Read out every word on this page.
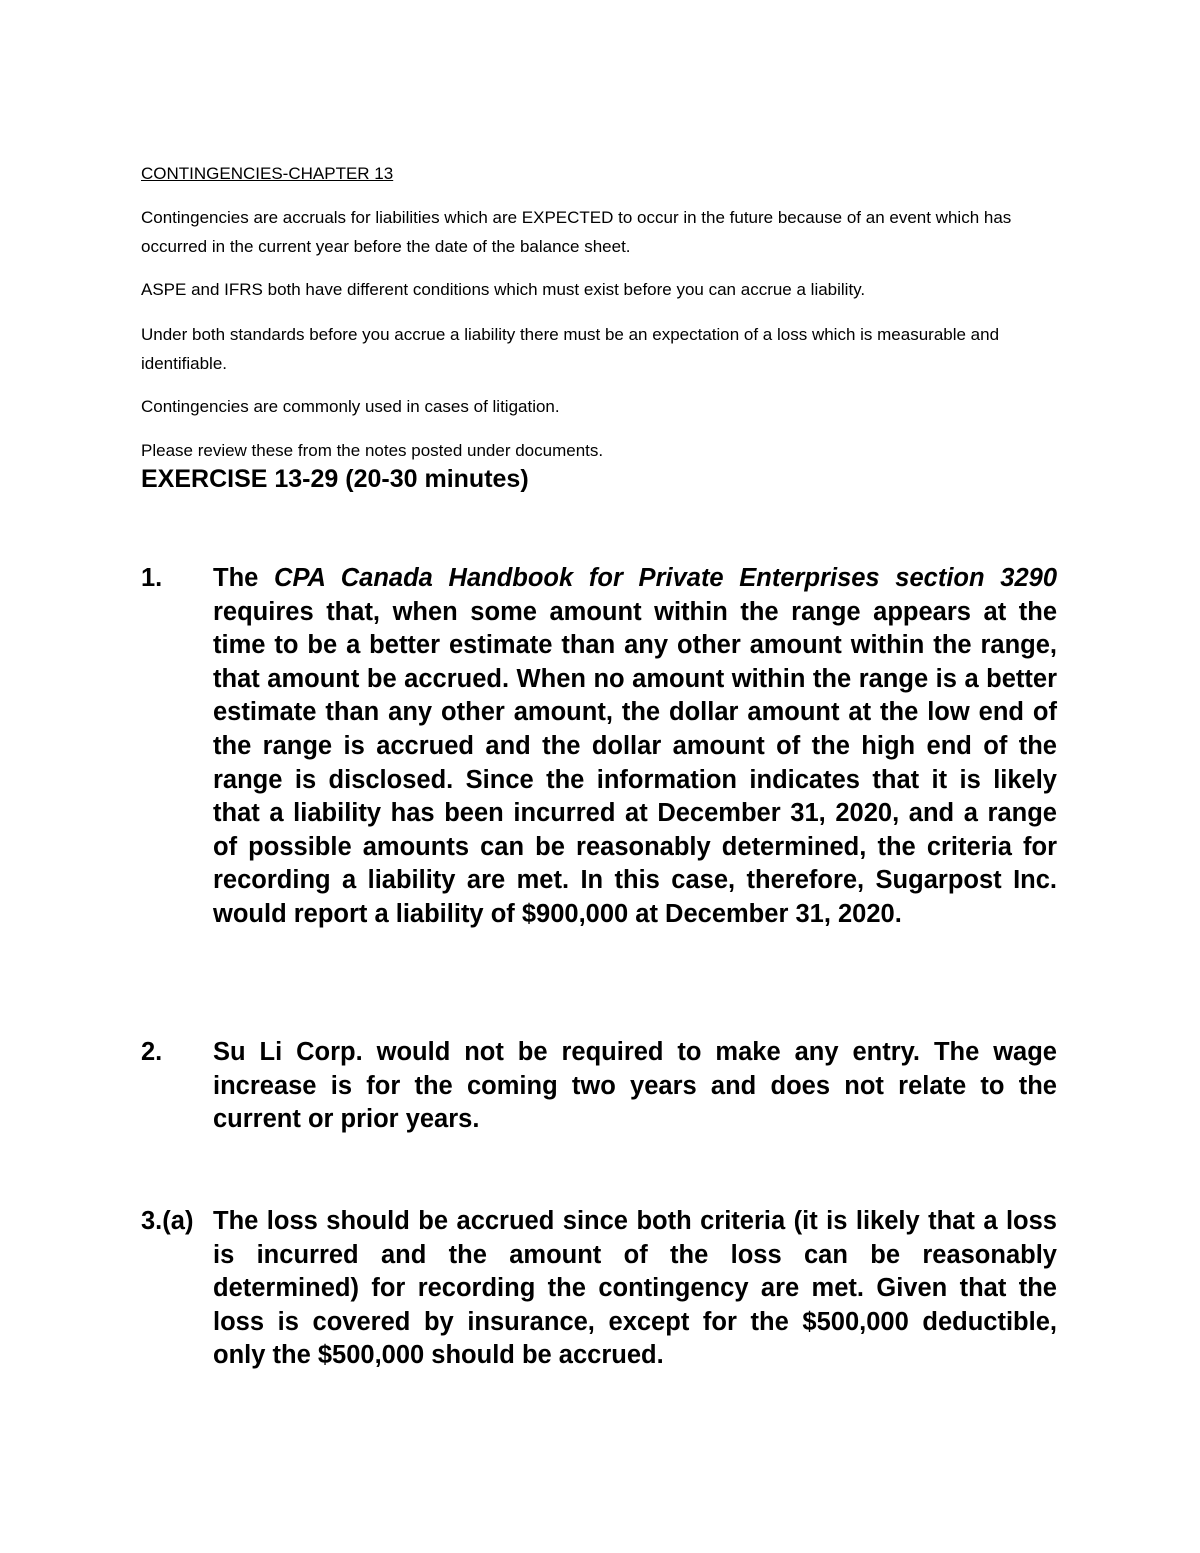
CONTINGENCIES-CHAPTER 13

Contingencies are accruals for liabilities which are EXPECTED to occur in the future because of an event which has occurred in the current year before the date of the balance sheet.

ASPE and IFRS both have different conditions which must exist before you can accrue a liability.

Under both standards before you accrue a liability there must be an expectation of a loss which is measurable and identifiable.

Contingencies are commonly used in cases of litigation.

Please review these from the notes posted under documents.

EXERCISE 13-29 (20-30 minutes)
1. The CPA Canada Handbook for Private Enterprises section 3290 requires that, when some amount within the range appears at the time to be a better estimate than any other amount within the range, that amount be accrued. When no amount within the range is a better estimate than any other amount, the dollar amount at the low end of the range is accrued and the dollar amount of the high end of the range is disclosed. Since the information indicates that it is likely that a liability has been incurred at December 31, 2020, and a range of possible amounts can be reasonably determined, the criteria for recording a liability are met. In this case, therefore, Sugarpost Inc. would report a liability of $900,000 at December 31, 2020.
2. Su Li Corp. would not be required to make any entry. The wage increase is for the coming two years and does not relate to the current or prior years.
3.(a) The loss should be accrued since both criteria (it is likely that a loss is incurred and the amount of the loss can be reasonably determined) for recording the contingency are met. Given that the loss is covered by insurance, except for the $500,000 deductible, only the $500,000 should be accrued.
